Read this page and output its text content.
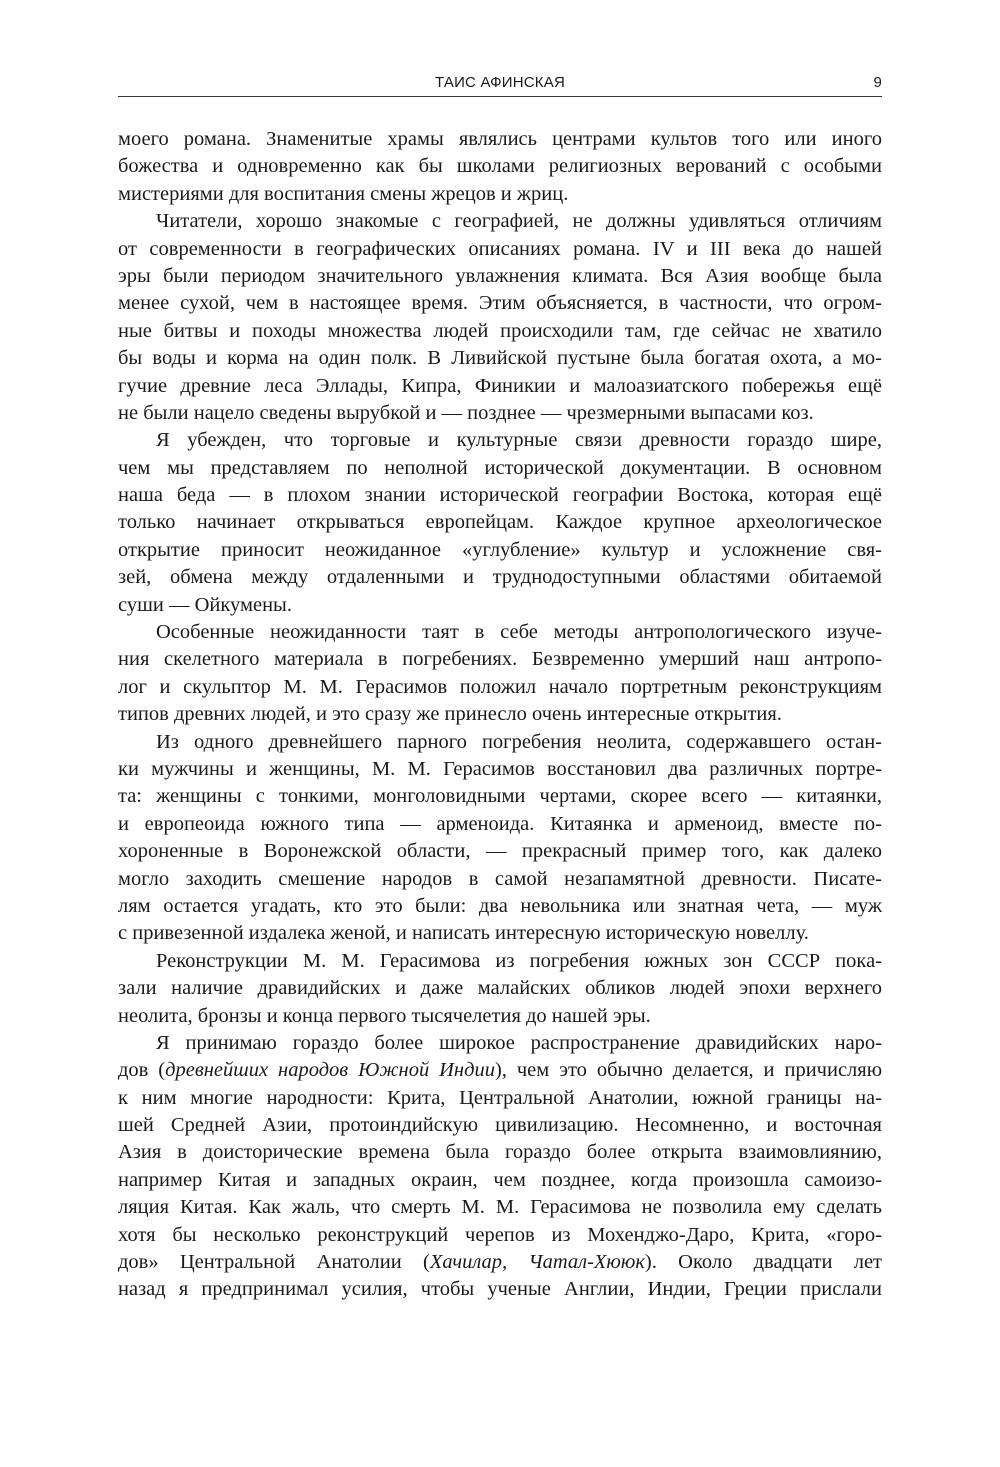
ТАИС АФИНСКАЯ	9
моего романа. Знаменитые храмы являлись центрами культов того или иного
божества и одновременно как бы школами религиозных верований с особыми
мистериями для воспитания смены жрецов и жриц.
Читатели, хорошо знакомые с географией, не должны удивляться отличиям
от современности в географических описаниях романа. IV и III века до нашей
эры были периодом значительного увлажнения климата. Вся Азия вообще была
менее сухой, чем в настоящее время. Этим объясняется, в частности, что огром-
ные битвы и походы множества людей происходили там, где сейчас не хватило
бы воды и корма на один полк. В Ливийской пустыне была богатая охота, а мо-
гучие древние леса Эллады, Кипра, Финикии и малоазиатского побережья ещё
не были нацело сведены вырубкой и — позднее — чрезмерными выпасами коз.
Я убежден, что торговые и культурные связи древности гораздо шире,
чем мы представляем по неполной исторической документации. В основном
наша беда — в плохом знании исторической географии Востока, которая ещё
только начинает открываться европейцам. Каждое крупное археологическое
открытие приносит неожиданное «углубление» культур и усложнение свя-
зей, обмена между отдаленными и труднодоступными областями обитаемой
суши — Ойкумены.
Особенные неожиданности таят в себе методы антропологического изуче-
ния скелетного материала в погребениях. Безвременно умерший наш антропо-
лог и скульптор М. М. Герасимов положил начало портретным реконструкциям
типов древних людей, и это сразу же принесло очень интересные открытия.
Из одного древнейшего парного погребения неолита, содержавшего остан-
ки мужчины и женщины, М. М. Герасимов восстановил два различных портре-
та: женщины с тонкими, монголовидными чертами, скорее всего — китаянки,
и европеоида южного типа — арменоида. Китаянка и арменоид, вместе по-
хороненные в Воронежской области, — прекрасный пример того, как далеко
могло заходить смешение народов в самой незапамятной древности. Писате-
лям остается угадать, кто это были: два невольника или знатная чета, — муж
с привезенной издалека женой, и написать интересную историческую новеллу.
Реконструкции М. М. Герасимова из погребения южных зон СССР пока-
зали наличие дравидийских и даже малайских обликов людей эпохи верхнего
неолита, бронзы и конца первого тысячелетия до нашей эры.
Я принимаю гораздо более широкое распространение дравидийских наро-
дов (древнейших народов Южной Индии), чем это обычно делается, и причисляю
к ним многие народности: Крита, Центральной Анатолии, южной границы на-
шей Средней Азии, протоиндийскую цивилизацию. Несомненно, и восточная
Азия в доисторические времена была гораздо более открыта взаимовлиянию,
например Китая и западных окраин, чем позднее, когда произошла самоизо-
ляция Китая. Как жаль, что смерть М. М. Герасимова не позволила ему сделать
хотя бы несколько реконструкций черепов из Мохенджо-Даро, Крита, «горо-
дов» Центральной Анатолии (Хачилар, Чатал-Хююк). Около двадцати лет
назад я предпринимал усилия, чтобы ученые Англии, Индии, Греции прислали
